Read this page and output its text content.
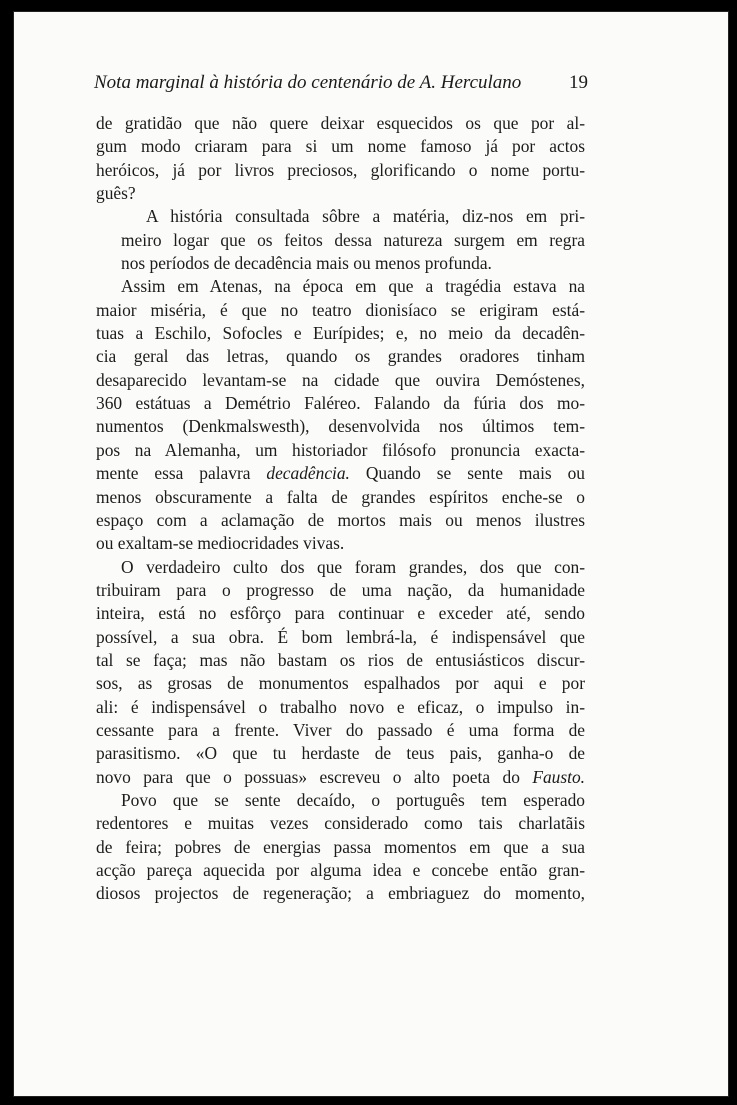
Nota marginal à história do centenário de A. Herculano	19

de gratidão que não quere deixar esquecidos os que por al-
gum modo criaram para si um nome famoso já por actos
heróicos, já por livros preciosos, glorificando o nome portu-
guês?

A história consultada sôbre a matéria, diz-nos em pri-
meiro logar que os feitos dessa natureza surgem em regra
nos períodos de decadência mais ou menos profunda.

Assim em Atenas, na época em que a tragédia estava na
maior miséria, é que no teatro dionisíaco se erigiram está-
tuas a Eschilo, Sofocles e Eurípides; e, no meio da decadên-
cia geral das letras, quando os grandes oradores tinham
desaparecido levantam-se na cidade que ouvira Demóstenes,
360 estátuas a Demétrio Faléreo. Falando da fúria dos mo-
numentos (Denkmalswesth), desenvolvida nos últimos tem-
pos na Alemanha, um historiador filósofo pronuncia exacta-
mente essa palavra decadência. Quando se sente mais ou
menos obscuramente a falta de grandes espíritos enche-se o
espaço com a aclamação de mortos mais ou menos ilustres
ou exaltam-se mediocridades vivas.

O verdadeiro culto dos que foram grandes, dos que con-
tribuiram para o progresso de uma nação, da humanidade
inteira, está no esfôrço para continuar e exceder até, sendo
possível, a sua obra. É bom lembrá-la, é indispensável que
tal se faça; mas não bastam os rios de entusiásticos discur-
sos, as grosas de monumentos espalhados por aqui e por
ali: é indispensável o trabalho novo e eficaz, o impulso in-
cessante para a frente. Viver do passado é uma forma de
parasitismo. «O que tu herdaste de teus pais, ganha-o de
novo para que o possuas» escreveu o alto poeta do Fausto.

Povo que se sente decaído, o português tem esperado
redentores e muitas vezes considerado como tais charlatãis
de feira; pobres de energias passa momentos em que a sua
acção pareça aquecida por alguma idea e concebe então gran-
diosos projectos de regeneração; a embriaguez do momento,
